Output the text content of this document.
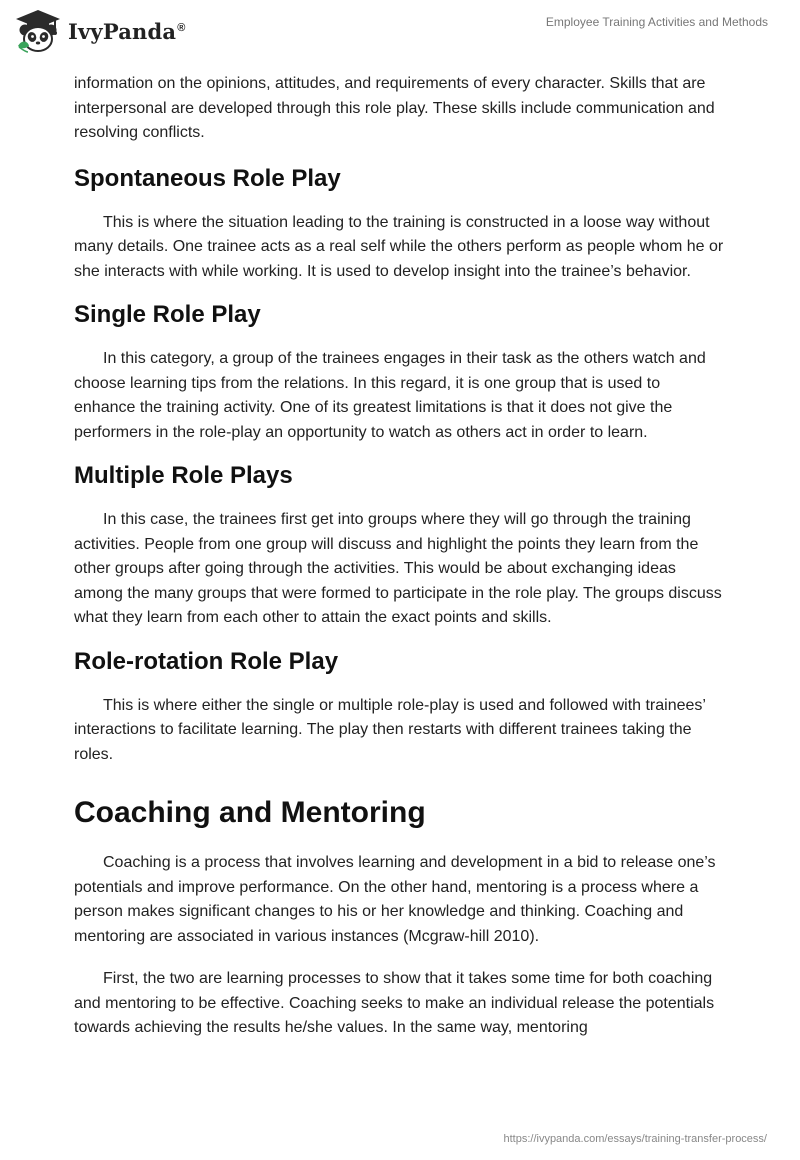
IvyPanda®	Employee Training Activities and Methods

information on the opinions, attitudes, and requirements of every character. Skills that are interpersonal are developed through this role play. These skills include communication and resolving conflicts.

Spontaneous Role Play

This is where the situation leading to the training is constructed in a loose way without many details. One trainee acts as a real self while the others perform as people whom he or she interacts with while working. It is used to develop insight into the trainee’s behavior.

Single Role Play

In this category, a group of the trainees engages in their task as the others watch and choose learning tips from the relations. In this regard, it is one group that is used to enhance the training activity. One of its greatest limitations is that it does not give the performers in the role-play an opportunity to watch as others act in order to learn.

Multiple Role Plays

In this case, the trainees first get into groups where they will go through the training activities. People from one group will discuss and highlight the points they learn from the other groups after going through the activities. This would be about exchanging ideas among the many groups that were formed to participate in the role play. The groups discuss what they learn from each other to attain the exact points and skills.

Role-rotation Role Play

This is where either the single or multiple role-play is used and followed with trainees’ interactions to facilitate learning. The play then restarts with different trainees taking the roles.

Coaching and Mentoring

Coaching is a process that involves learning and development in a bid to release one’s potentials and improve performance. On the other hand, mentoring is a process where a person makes significant changes to his or her knowledge and thinking. Coaching and mentoring are associated in various instances (Mcgraw-hill 2010).

First, the two are learning processes to show that it takes some time for both coaching and mentoring to be effective. Coaching seeks to make an individual release the potentials towards achieving the results he/she values. In the same way, mentoring

https://ivypanda.com/essays/training-transfer-process/
